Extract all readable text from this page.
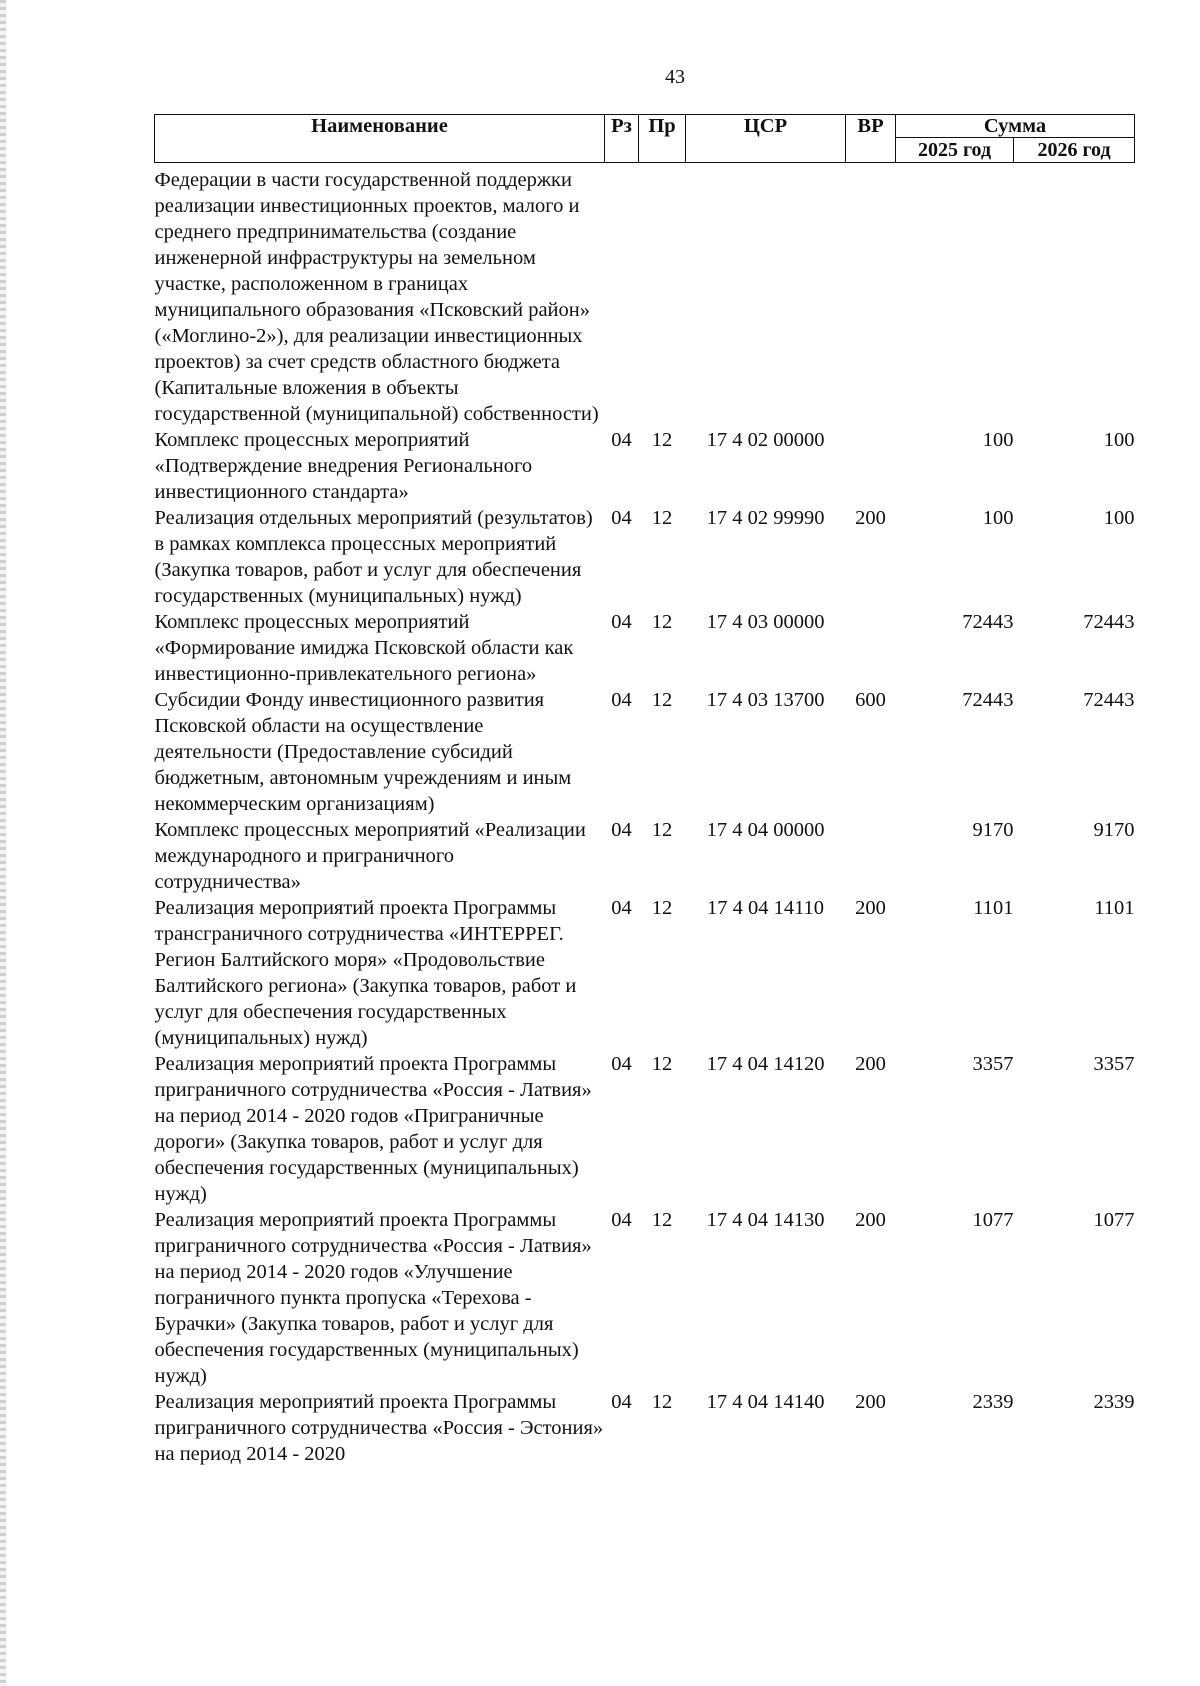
43
Наименование	Рз	Пр	ЦСР	ВР	Сумма	
					2025 год	2026 год
Федерации в части государственной поддержки реализации инвестиционных проектов, малого и среднего предпринимательства (создание инженерной инфраструктуры на земельном участке, расположенном в границах муниципального образования «Псковский район» («Моглино-2»), для реализации инвестиционных проектов) за счет средств областного бюджета (Капитальные вложения в объекты государственной (муниципальной) собственности)						
Комплекс процессных мероприятий «Подтверждение внедрения Регионального инвестиционного стандарта»	04	12	17 4 02 00000		100	100
Реализация отдельных мероприятий (результатов) в рамках комплекса процессных мероприятий (Закупка товаров, работ и услуг для обеспечения государственных (муниципальных) нужд)	04	12	17 4 02 99990	200	100	100
Комплекс процессных мероприятий «Формирование имиджа Псковской области как инвестиционно-привлекательного региона»	04	12	17 4 03 00000		72443	72443
Субсидии Фонду инвестиционного развития Псковской области на осуществление деятельности (Предоставление субсидий бюджетным, автономным учреждениям и иным некоммерческим организациям)	04	12	17 4 03 13700	600	72443	72443
Комплекс процессных мероприятий «Реализации международного и приграничного сотрудничества»	04	12	17 4 04 00000		9170	9170
Реализация мероприятий проекта Программы трансграничного сотрудничества «ИНТЕРРЕГ. Регион Балтийского моря» «Продовольствие Балтийского региона» (Закупка товаров, работ и услуг для обеспечения государственных (муниципальных) нужд)	04	12	17 4 04 14110	200	1101	1101
Реализация мероприятий проекта Программы приграничного сотрудничества «Россия - Латвия» на период 2014 - 2020 годов «Приграничные дороги» (Закупка товаров, работ и услуг для обеспечения государственных (муниципальных) нужд)	04	12	17 4 04 14120	200	3357	3357
Реализация мероприятий проекта Программы приграничного сотрудничества «Россия - Латвия» на период 2014 - 2020 годов «Улучшение пограничного пункта пропуска «Терехова - Бурачки» (Закупка товаров, работ и услуг для обеспечения государственных (муниципальных) нужд)	04	12	17 4 04 14130	200	1077	1077
Реализация мероприятий проекта Программы приграничного сотрудничества «Россия - Эстония» на период 2014 - 2020	04	12	17 4 04 14140	200	2339	2339
